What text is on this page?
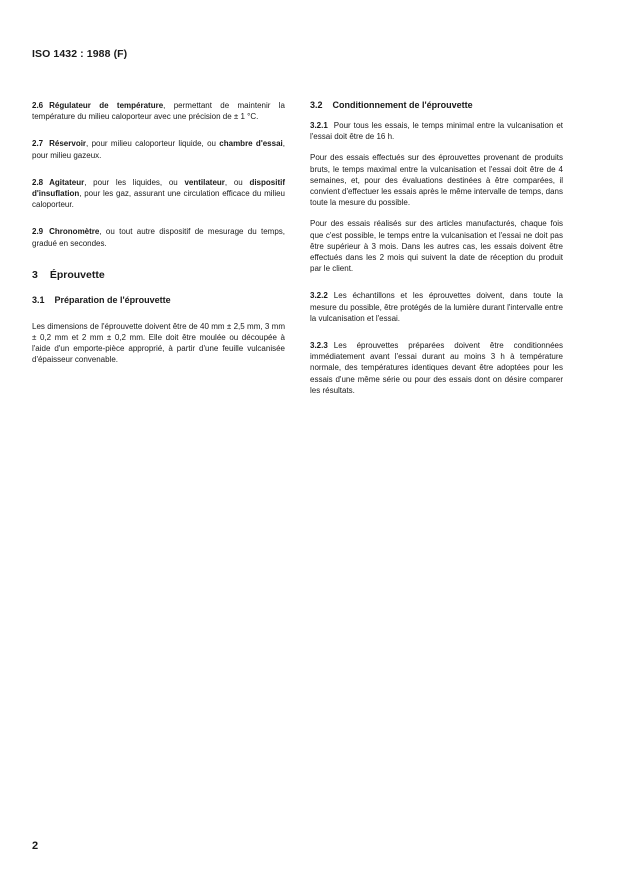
ISO 1432 : 1988 (F)

2.6 Régulateur de température, permettant de maintenir la température du milieu caloporteur avec une précision de ± 1 °C.

2.7 Réservoir, pour milieu caloporteur liquide, ou chambre d'essai, pour milieu gazeux.

2.8 Agitateur, pour les liquides, ou ventilateur, ou dispositif d'insuflation, pour les gaz, assurant une circulation efficace du milieu caloporteur.

2.9 Chronomètre, ou tout autre dispositif de mesurage du temps, gradué en secondes.

3 Éprouvette
3.1 Préparation de l'éprouvette

Les dimensions de l'éprouvette doivent être de 40 mm ± 2,5 mm, 3 mm ± 0,2 mm et 2 mm ± 0,2 mm. Elle doit être moulée ou découpée à l'aide d'un emporte-pièce approprié, à partir d'une feuille vulcanisée d'épaisseur convenable.

3.2 Conditionnement de l'éprouvette

3.2.1 Pour tous les essais, le temps minimal entre la vulcanisation et l'essai doit être de 16 h.

Pour des essais effectués sur des éprouvettes provenant de produits bruts, le temps maximal entre la vulcanisation et l'essai doit être de 4 semaines, et, pour des évaluations destinées à être comparées, il convient d'effectuer les essais après le même intervalle de temps, dans toute la mesure du possible.

Pour des essais réalisés sur des articles manufacturés, chaque fois que c'est possible, le temps entre la vulcanisation et l'essai ne doit pas être supérieur à 3 mois. Dans les autres cas, les essais doivent être effectués dans les 2 mois qui suivent la date de réception du produit par le client.

3.2.2 Les échantillons et les éprouvettes doivent, dans toute la mesure du possible, être protégés de la lumière durant l'intervalle entre la vulcanisation et l'essai.

3.2.3 Les éprouvettes préparées doivent être conditionnées immédiatement avant l'essai durant au moins 3 h à température normale, des températures identiques devant être adoptées pour les essais d'une même série ou pour des essais dont on désire comparer les résultats.

2
